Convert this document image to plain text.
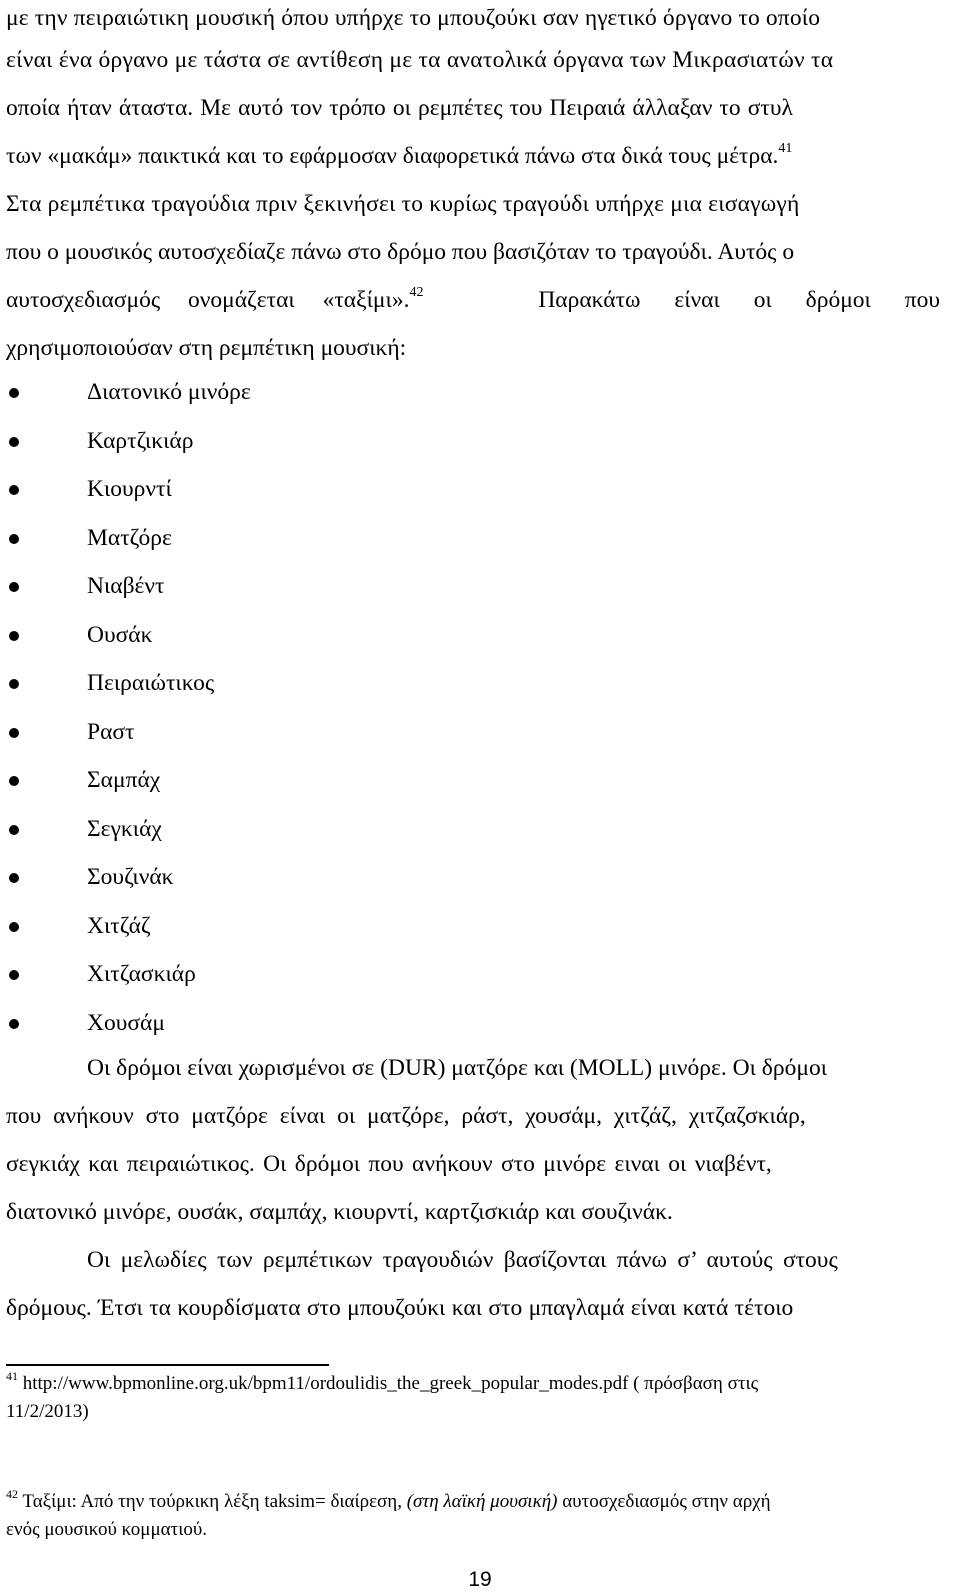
με την πειραιώτικη μουσική όπου υπήρχε το μπουζούκι σαν ηγετικό όργανο το οποίο
είναι ένα όργανο με τάστα σε αντίθεση με τα ανατολικά όργανα των Μικρασιατών τα
οποία ήταν άταστα. Με αυτό τον τρόπο οι ρεμπέτες του Πειραιά άλλαξαν το στυλ
των «μακάμ» παικτικά και το εφάρμοσαν διαφορετικά πάνω στα δικά τους μέτρα.$^{41}$
Στα ρεμπέτικα τραγούδια πριν ξεκινήσει το κυρίως τραγούδι υπήρχε μια εισαγωγή
που ο μουσικός αυτοσχεδίαζε πάνω στο δρόμο που βασιζόταν το τραγούδι. Αυτός ο
αυτοσχεδιασμός ονομάζεται «ταξίμι».$^{42}$	Παρακάτω είναι οι δρόμοι που
χρησιμοποιούσαν στη ρεμπέτικη μουσική:
Διατονικό μινόρε
Καρτζικιάρ
Κιουρντί
Ματζόρε
Νιαβέντ
Ουσάκ
Πειραιώτικος
Ραστ
Σαμπάχ
Σεγκιάχ
Σουζινάκ
Χιτζάζ
Χιτζασκιάρ
Χουσάμ
Οι δρόμοι είναι χωρισμένοι σε (DUR) ματζόρε και (MOLL) μινόρε. Οι δρόμοι
που ανήκουν στο ματζόρε είναι οι ματζόρε, ράστ, χουσάμ, χιτζάζ, χιτζαζσκιάρ,
σεγκιάχ και πειραιώτικος. Οι δρόμοι που ανήκουν στο μινόρε ειναι οι νιαβέντ,
διατονικό μινόρε, ουσάκ, σαμπάχ, κιουρντί, καρτζισκιάρ και σουζινάκ.
Οι μελωδίες των ρεμπέτικων τραγουδιών βασίζονται πάνω σ’ αυτούς στους
δρόμους. Έτσι τα κουρδίσματα στο μπουζούκι και στο μπαγλαμά είναι κατά τέτοιο
$^{41}$ http://www.bpmonline.org.uk/bpm11/ordoulidis_the_greek_popular_modes.pdf ( πρόσβαση στις
11/2/2013)
$^{42}$ Ταξίμι: Από την τούρκικη λέξη taksim= διαίρεση, (στη λαϊκή μουσική) αυτοσχεδιασμός στην αρχή
ενός μουσικού κομματιού.
19
